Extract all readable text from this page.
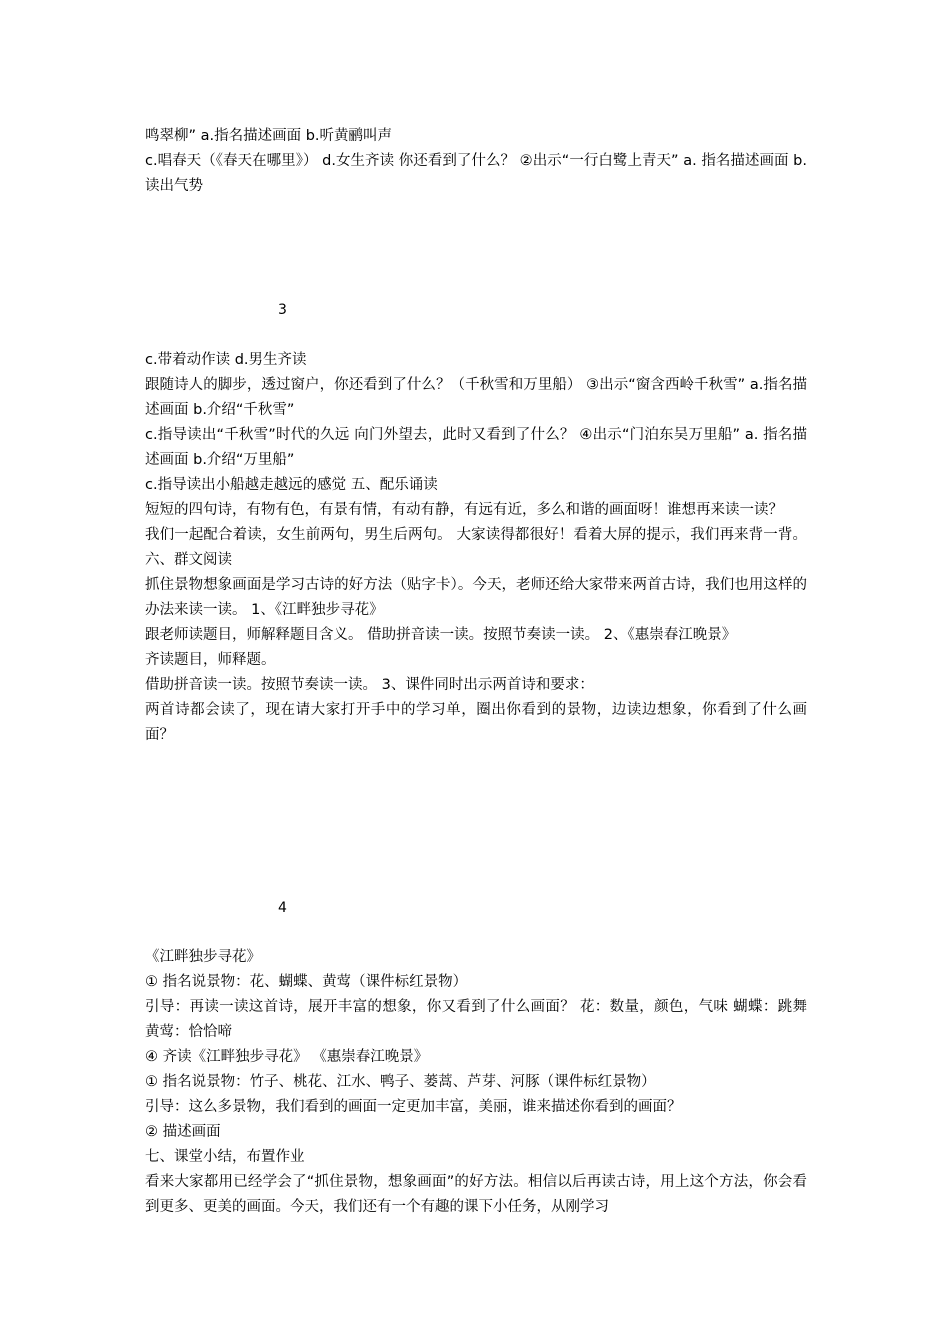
鸣翠柳” a.指名描述画面 b.听黄鹂叫声

c.唱春天（《春天在哪里》） d.女生齐读 你还看到了什么？ ②出示“一行白鹭上青天” a. 指名描述画面 b.读出气势

3

c.带着动作读 d.男生齐读

跟随诗人的脚步，透过窗户，你还看到了什么？（千秋雪和万里船） ③出示“窗含西岭千秋雪” a.指名描述画面 b.介绍“千秋雪”

c.指导读出“千秋雪”时代的久远 向门外望去，此时又看到了什么？ ④出示“门泊东吴万里船” a. 指名描述画面 b.介绍“万里船”

c.指导读出小船越走越远的感觉 五、配乐诵读

短短的四句诗，有物有色，有景有情，有动有静，有远有近，多么和谐的画面呀！谁想再来读一读？

我们一起配合着读，女生前两句，男生后两句。 大家读得都很好！看着大屏的提示，我们再来背一背。 六、群文阅读

抓住景物想象画面是学习古诗的好方法（贴字卡）。今天，老师还给大家带来两首古诗，我们也用这样的办法来读一读。 1、《江畔独步寻花》

跟老师读题目，师解释题目含义。 借助拼音读一读。按照节奏读一读。 2、《惠崇春江晚景》

齐读题目，师释题。

借助拼音读一读。按照节奏读一读。 3、课件同时出示两首诗和要求：

两首诗都会读了，现在请大家打开手中的学习单，圈出你看到的景物，边读边想象，你看到了什么画面？

4

《江畔独步寻花》

① 指名说景物：花、蝴蝶、黄莺（课件标红景物）

引导：再读一读这首诗，展开丰富的想象，你又看到了什么画面？ 花：数量，颜色，气味 蝴蝶：跳舞 黄莺：恰恰啼

④ 齐读《江畔独步寻花》 《惠崇春江晚景》

① 指名说景物：竹子、桃花、江水、鸭子、蒌蒿、芦芽、河豚（课件标红景物）

引导：这么多景物，我们看到的画面一定更加丰富，美丽，谁来描述你看到的画面？

② 描述画面

七、课堂小结，布置作业

看来大家都用已经学会了“抓住景物，想象画面”的好方法。相信以后再读古诗，用上这个方法，你会看到更多、更美的画面。今天，我们还有一个有趣的课下小任务，从刚学习
